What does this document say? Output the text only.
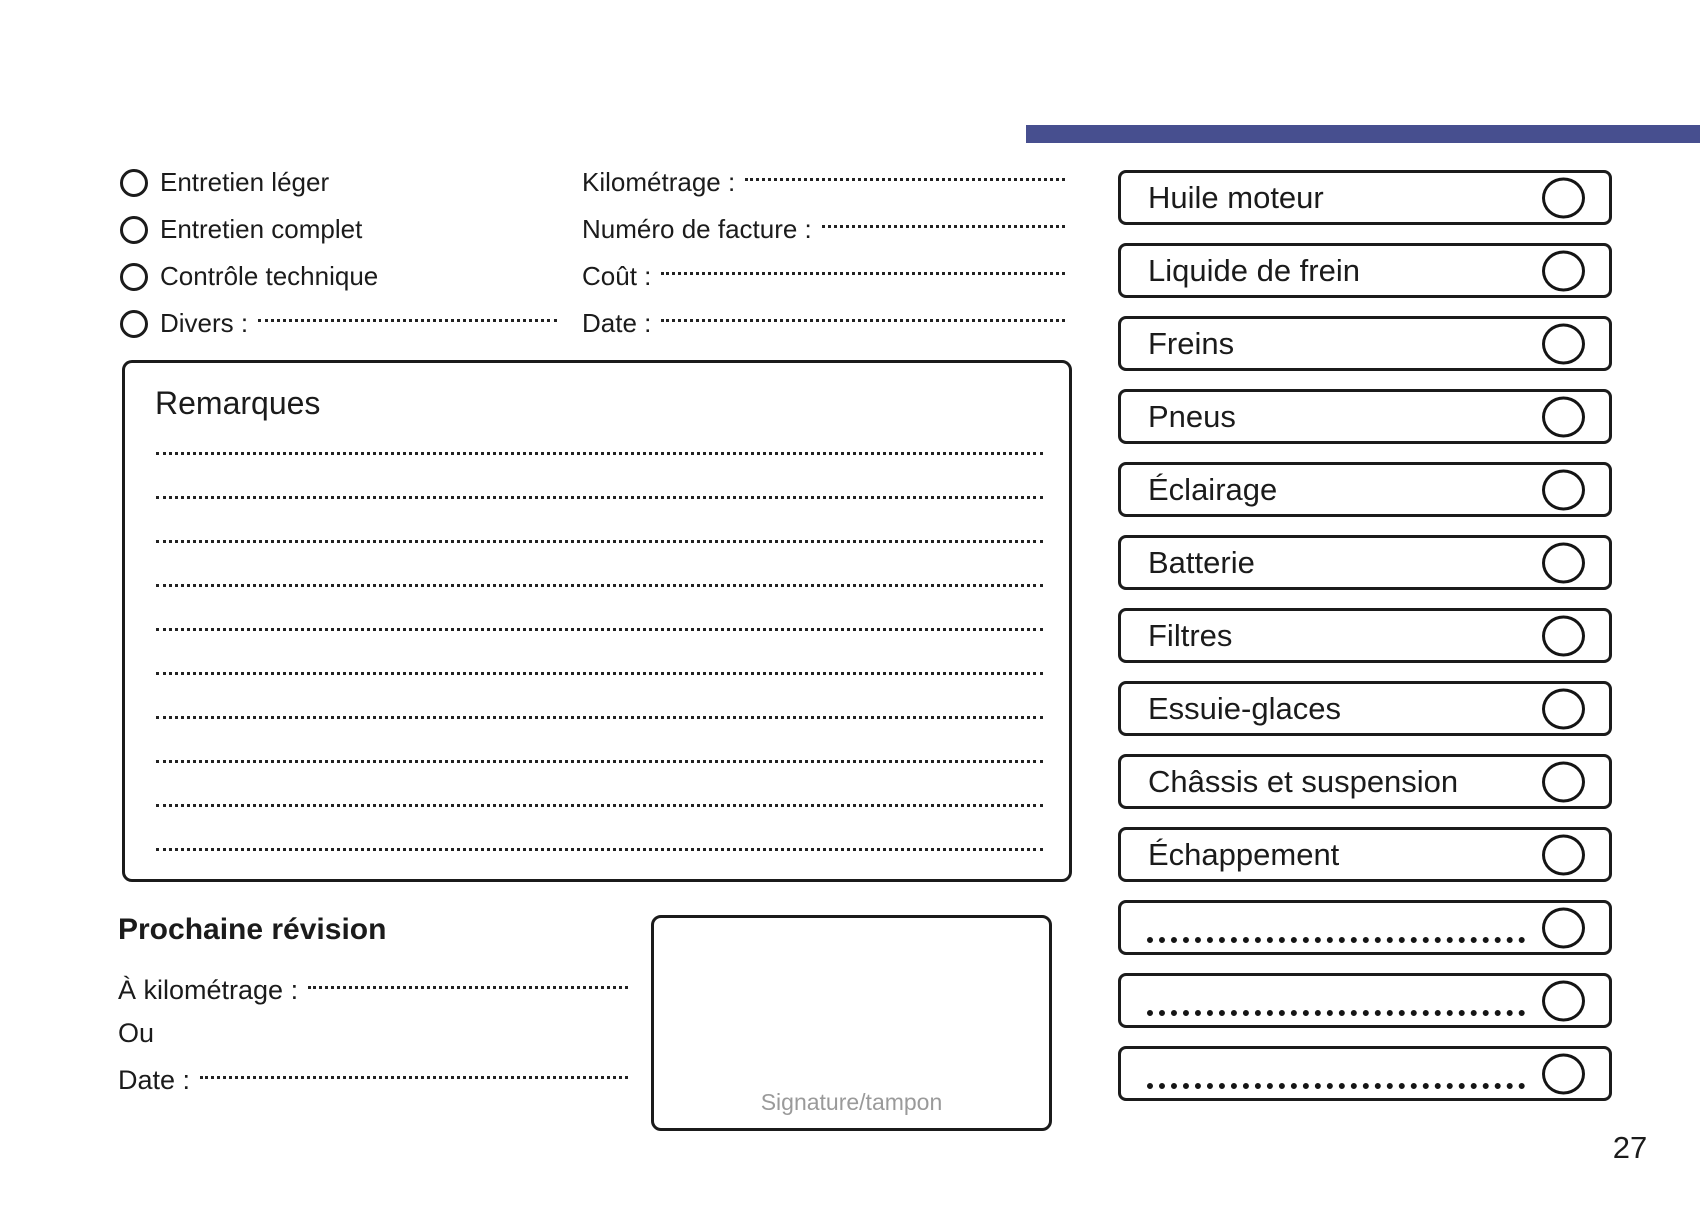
Entretien léger
Entretien complet
Contrôle technique
Divers :
Kilométrage :
Numéro de facture :
Coût :
Date :
Remarques
Prochaine révision
À kilométrage :
Ou
Date :
Signature/tampon
Huile moteur
Liquide de frein
Freins
Pneus
Éclairage
Batterie
Filtres
Essuie-glaces
Châssis et suspension
Échappement
27
